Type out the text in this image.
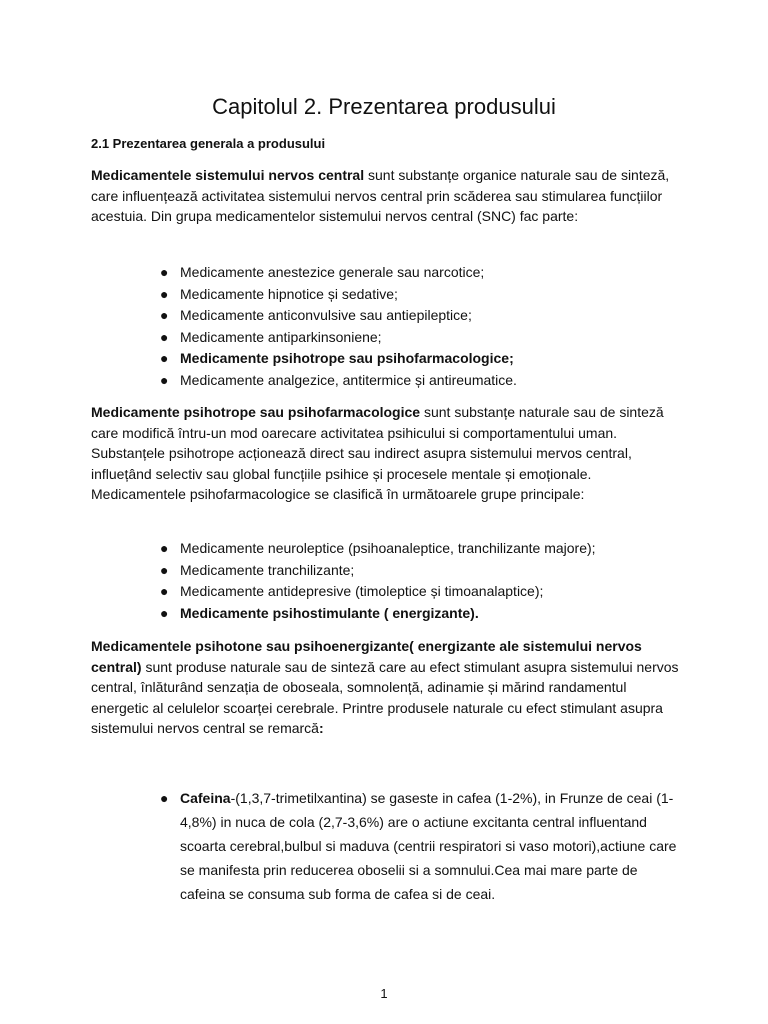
Capitolul 2. Prezentarea produsului

2.1 Prezentarea generala a produsului

Medicamentele sistemului nervos central sunt substanțe organice naturale sau de sinteză, care influențează activitatea sistemului nervos central prin scăderea sau stimularea funcțiilor acestuia. Din grupa medicamentelor sistemului nervos central (SNC) fac parte:

● Medicamente anestezice generale sau narcotice;
● Medicamente hipnotice și sedative;
● Medicamente anticonvulsive sau antiepileptice;
● Medicamente antiparkinsoniene;
● Medicamente psihotrope sau psihofarmacologice;
● Medicamente analgezice, antitermice și antireumatice.

Medicamente psihotrope sau psihofarmacologice sunt substanțe naturale sau de sinteză care modifică întru-un mod oarecare activitatea psihicului si comportamentului uman. Substanțele psihotrope acționează direct sau indirect asupra sistemului mervos central, influețând selectiv sau global funcțiile psihice și procesele mentale și emoționale. Medicamentele psihofarmacologice se clasifică în următoarele grupe principale:

● Medicamente neuroleptice (psihoanaleptice, tranchilizante majore);
● Medicamente tranchilizante;
● Medicamente antidepresive (timoleptice și timoanalaptice);
● Medicamente psihostimulante ( energizante).

Medicamentele psihotone sau psihoenergizante( energizante ale sistemului nervos central) sunt produse naturale sau de sinteză care au efect stimulant asupra sistemului nervos central, înlăturând senzația de oboseala, somnolență, adinamie și mărind randamentul energetic al celulelor scoarței cerebrale. Printre produsele naturale cu efect stimulant asupra sistemului nervos central se remarcă:

● Cafeina-(1,3,7-trimetilxantina) se gaseste in cafea (1-2%), in Frunze de ceai (1-4,8%) in nuca de cola (2,7-3,6%) are o actiune excitanta central influentand scoarta cerebral,bulbul si maduva (centrii respiratori si vaso motori),actiune care se manifesta prin reducerea oboselii si a somnului.Cea mai mare parte de cafeina se consuma sub forma de cafea si de ceai.

1
